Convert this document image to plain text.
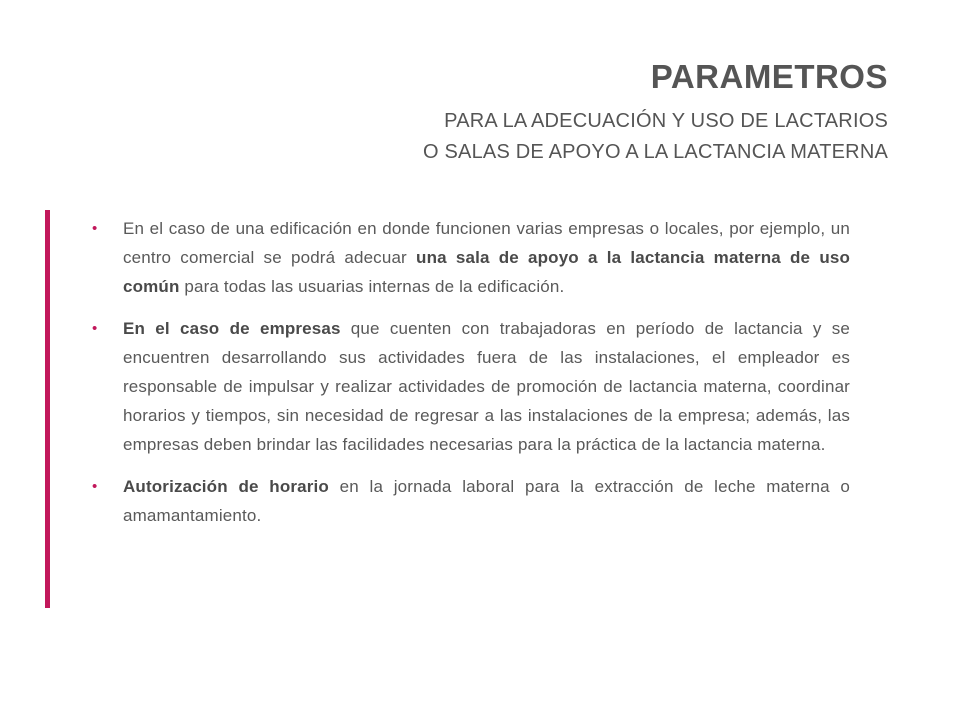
PARAMETROS

PARA LA ADECUACIÓN Y USO DE LACTARIOS

O SALAS DE APOYO A LA LACTANCIA MATERNA

•	En el caso de una edificación en donde funcionen varias empresas o locales, por ejemplo, un centro comercial se podrá adecuar una sala de apoyo a la lactancia materna de uso común para todas las usuarias internas de la edificación.
•	En el caso de empresas que cuenten con trabajadoras en período de lactancia y se encuentren desarrollando sus actividades fuera de las instalaciones, el empleador es responsable de impulsar y realizar actividades de promoción de lactancia materna, coordinar horarios y tiempos, sin necesidad de regresar a las instalaciones de la empresa; además, las empresas deben brindar las facilidades necesarias para la práctica de la lactancia materna.
•	Autorización de horario en la jornada laboral para la extracción de leche materna o amamantamiento.
